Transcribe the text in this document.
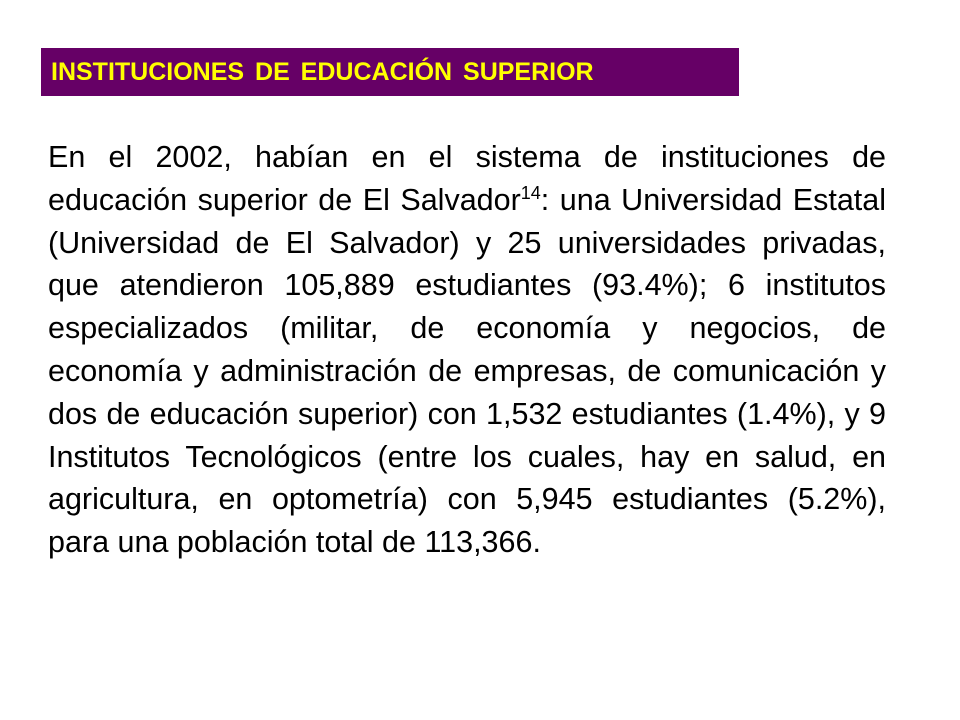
INSTITUCIONES DE EDUCACIÓN SUPERIOR

En el 2002, habían en el sistema de instituciones de educación superior de El Salvador$^{14}$: una Universidad Estatal (Universidad de El Salvador) y 25 universidades privadas, que atendieron 105,889 estudiantes (93.4%); 6 institutos especializados (militar, de economía y negocios, de economía y administración de empresas, de comunicación y dos de educación superior) con 1,532 estudiantes (1.4%), y 9 Institutos Tecnológicos (entre los cuales, hay en salud, en agricultura, en optometría) con 5,945 estudiantes (5.2%), para una población total de 113,366.
